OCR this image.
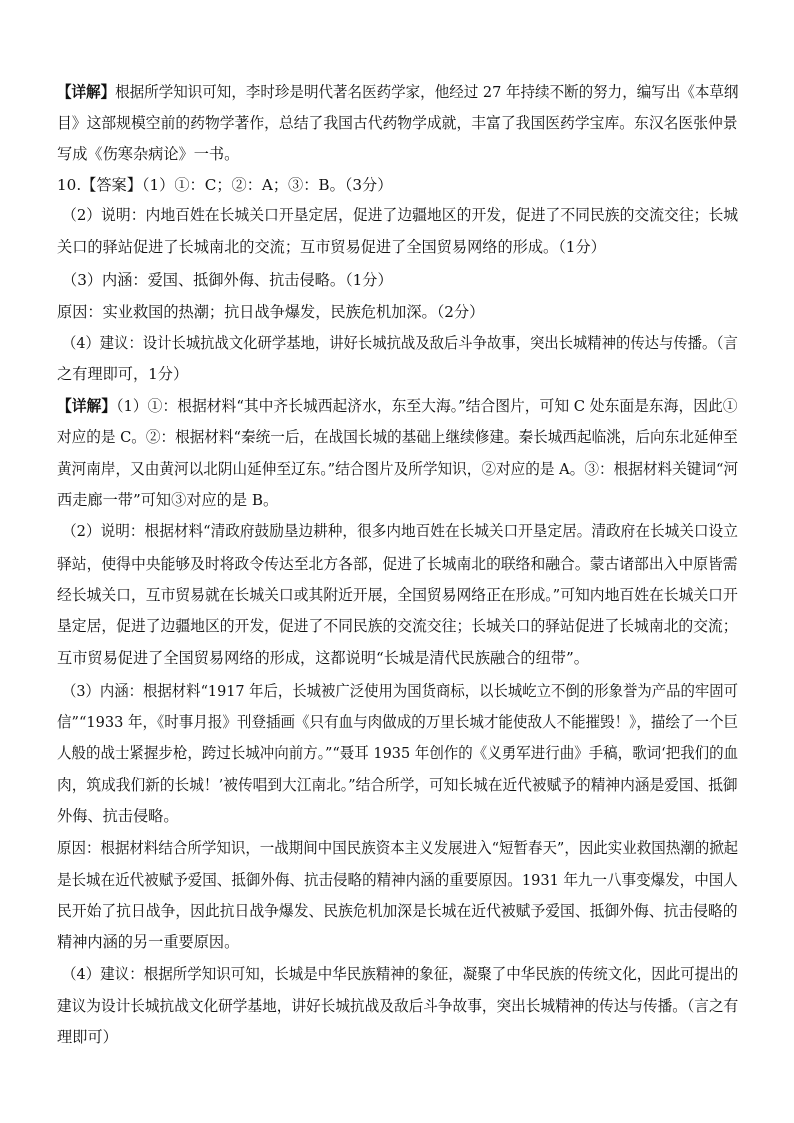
【详解】根据所学知识可知，李时珍是明代著名医药学家，他经过 27 年持续不断的努力，编写出《本草纲
目》这部规模空前的药物学著作，总结了我国古代药物学成就，丰富了我国医药学宝库。东汉名医张仲景
写成《伤寒杂病论》一书。
10.【答案】（1）①：C；②：A；③：B。（3分）
（2）说明：内地百姓在长城关口开垦定居，促进了边疆地区的开发，促进了不同民族的交流交往；长城
关口的驿站促进了长城南北的交流；互市贸易促进了全国贸易网络的形成。（1分）
（3）内涵：爱国、抵御外侮、抗击侵略。（1分）
原因：实业救国的热潮；抗日战争爆发，民族危机加深。（2分）
（4）建议：设计长城抗战文化研学基地，讲好长城抗战及敌后斗争故事，突出长城精神的传达与传播。（言
之有理即可，1分）
【详解】（1）①：根据材料“其中齐长城西起济水，东至大海。”结合图片，可知 C 处东面是东海，因此①
对应的是 C。②：根据材料“秦统一后，在战国长城的基础上继续修建。秦长城西起临洮，后向东北延伸至
黄河南岸，又由黄河以北阴山延伸至辽东。”结合图片及所学知识，②对应的是 A。③：根据材料关键词“河
西走廊一带”可知③对应的是 B。
（2）说明：根据材料“清政府鼓励垦边耕种，很多内地百姓在长城关口开垦定居。清政府在长城关口设立
驿站，使得中央能够及时将政令传达至北方各部，促进了长城南北的联络和融合。蒙古诸部出入中原皆需
经长城关口，互市贸易就在长城关口或其附近开展，全国贸易网络正在形成。”可知内地百姓在长城关口开
垦定居，促进了边疆地区的开发，促进了不同民族的交流交往；长城关口的驿站促进了长城南北的交流；
互市贸易促进了全国贸易网络的形成，这都说明“长城是清代民族融合的纽带”。
（3）内涵：根据材料“1917 年后，长城被广泛使用为国货商标，以长城屹立不倒的形象誉为产品的牢固可
信”“1933 年，《时事月报》刊登插画《只有血与肉做成的万里长城才能使敌人不能摧毁！》，描绘了一个巨
人般的战士紧握步枪，跨过长城冲向前方。”“聂耳 1935 年创作的《义勇军进行曲》手稿，歌词‘把我们的血
肉，筑成我们新的长城！’被传唱到大江南北。”结合所学，可知长城在近代被赋予的精神内涵是爱国、抵御
外侮、抗击侵略。
原因：根据材料结合所学知识，一战期间中国民族资本主义发展进入“短暂春天”，因此实业救国热潮的掀起
是长城在近代被赋予爱国、抵御外侮、抗击侵略的精神内涵的重要原因。1931 年九一八事变爆发，中国人
民开始了抗日战争，因此抗日战争爆发、民族危机加深是长城在近代被赋予爱国、抵御外侮、抗击侵略的
精神内涵的另一重要原因。
（4）建议：根据所学知识可知，长城是中华民族精神的象征，凝聚了中华民族的传统文化，因此可提出的
建议为设计长城抗战文化研学基地，讲好长城抗战及敌后斗争故事，突出长城精神的传达与传播。（言之有
理即可）
